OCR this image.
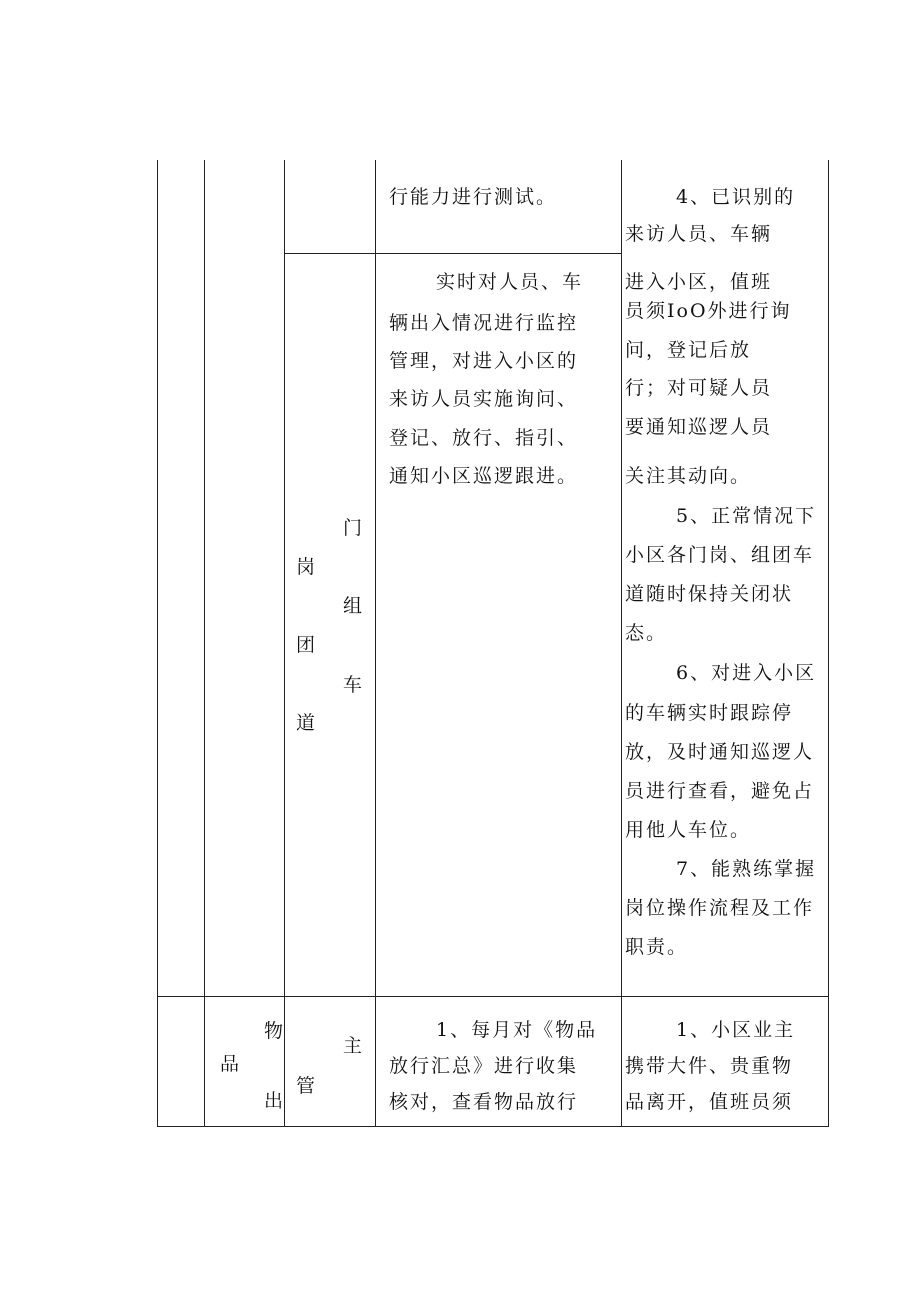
行能力进行测试。	4、已识别的
来访人员、车辆
门
岗
组
团
车
道
实时对人员、车
辆出入情况进行监控
管理，对进入小区的
来访人员实施询问、
登记、放行、指引、
通知小区巡逻跟进。
进入小区，值班
员须IoO外进行询
问，登记后放
行；对可疑人员
要通知巡逻人员
关注其动向。
5、正常情况下
小区各门岗、组团车
道随时保持关闭状
态。
6、对进入小区
的车辆实时跟踪停
放，及时通知巡逻人
员进行查看，避免占
用他人车位。
7、能熟练掌握
岗位操作流程及工作
职责。
物
品
出
主
管
1、每月对《物品
放行汇总》进行收集
核对，查看物品放行
1、小区业主
携带大件、贵重物
品离开，值班员须
